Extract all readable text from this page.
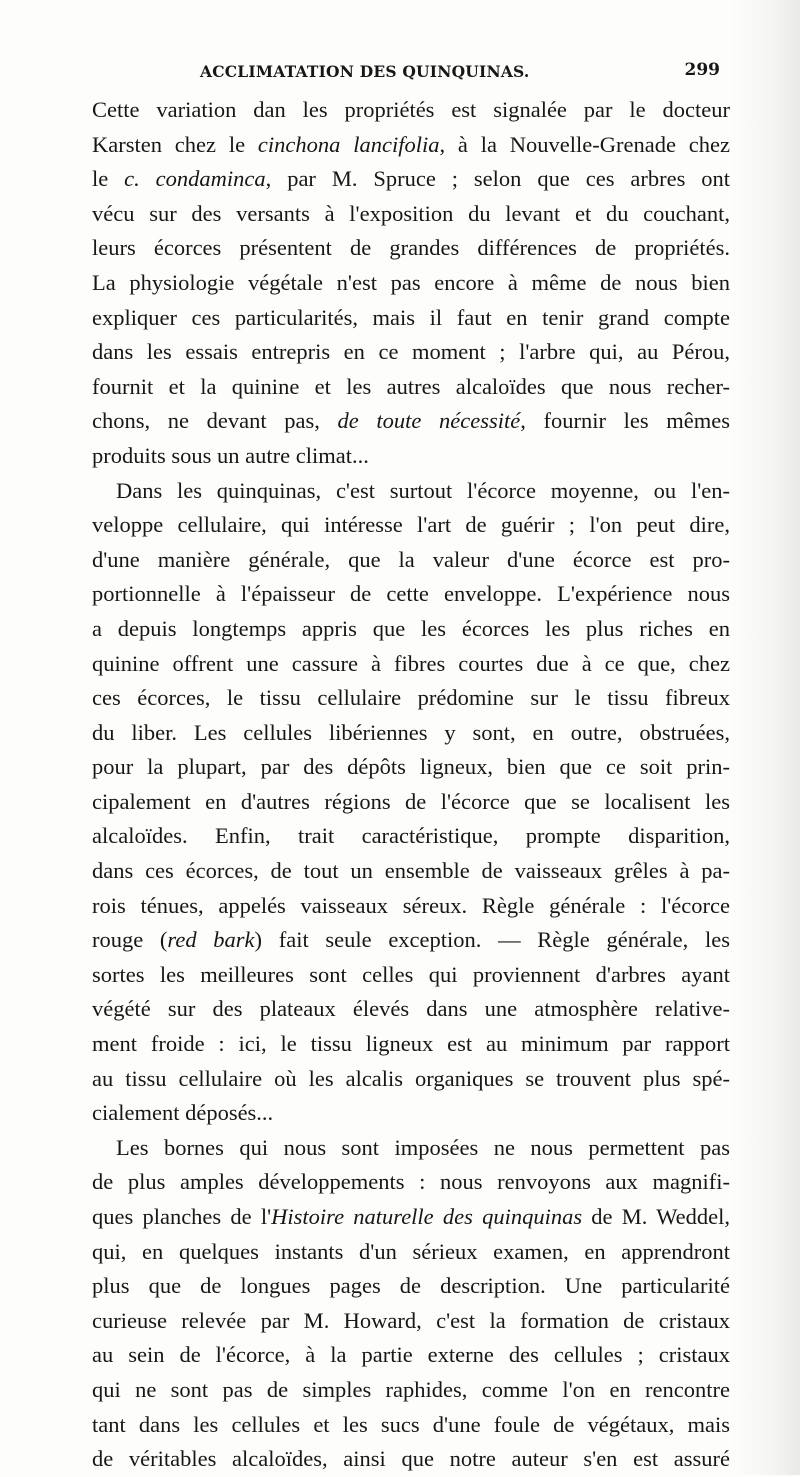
ACCLIMATATION DES QUINQUINAS.	299
Cette variation dan les propriétés est signalée par le docteur
Karsten chez le cinchona lancifolia, à la Nouvelle-Grenade chez
le c. condaminca, par M. Spruce ; selon que ces arbres ont
vécu sur des versants à l'exposition du levant et du couchant,
leurs écorces présentent de grandes différences de propriétés.
La physiologie végétale n'est pas encore à même de nous bien
expliquer ces particularités, mais il faut en tenir grand compte
dans les essais entrepris en ce moment ; l'arbre qui, au Pérou,
fournit et la quinine et les autres alcaloïdes que nous recher-
chons, ne devant pas, de toute nécessité, fournir les mêmes
produits sous un autre climat...
Dans les quinquinas, c'est surtout l'écorce moyenne, ou l'en-
veloppe cellulaire, qui intéresse l'art de guérir ; l'on peut dire,
d'une manière générale, que la valeur d'une écorce est pro-
portionnelle à l'épaisseur de cette enveloppe. L'expérience nous
a depuis longtemps appris que les écorces les plus riches en
quinine offrent une cassure à fibres courtes due à ce que, chez
ces écorces, le tissu cellulaire prédomine sur le tissu fibreux
du liber. Les cellules libériennes y sont, en outre, obstruées,
pour la plupart, par des dépôts ligneux, bien que ce soit prin-
cipalement en d'autres régions de l'écorce que se localisent les
alcaloïdes. Enfin, trait caractéristique, prompte disparition,
dans ces écorces, de tout un ensemble de vaisseaux grêles à pa-
rois ténues, appelés vaisseaux séreux. Règle générale : l'écorce
rouge (red bark) fait seule exception. — Règle générale, les
sortes les meilleures sont celles qui proviennent d'arbres ayant
végété sur des plateaux élevés dans une atmosphère relative-
ment froide : ici, le tissu ligneux est au minimum par rapport
au tissu cellulaire où les alcalis organiques se trouvent plus spé-
cialement déposés...
Les bornes qui nous sont imposées ne nous permettent pas
de plus amples développements : nous renvoyons aux magnifi-
ques planches de l'Histoire naturelle des quinquinas de M. Weddel,
qui, en quelques instants d'un sérieux examen, en apprendront
plus que de longues pages de description. Une particularité
curieuse relevée par M. Howard, c'est la formation de cristaux
au sein de l'écorce, à la partie externe des cellules ; cristaux
qui ne sont pas de simples raphides, comme l'on en rencontre
tant dans les cellules et les sucs d'une foule de végétaux, mais
de véritables alcaloïdes, ainsi que notre auteur s'en est assuré
